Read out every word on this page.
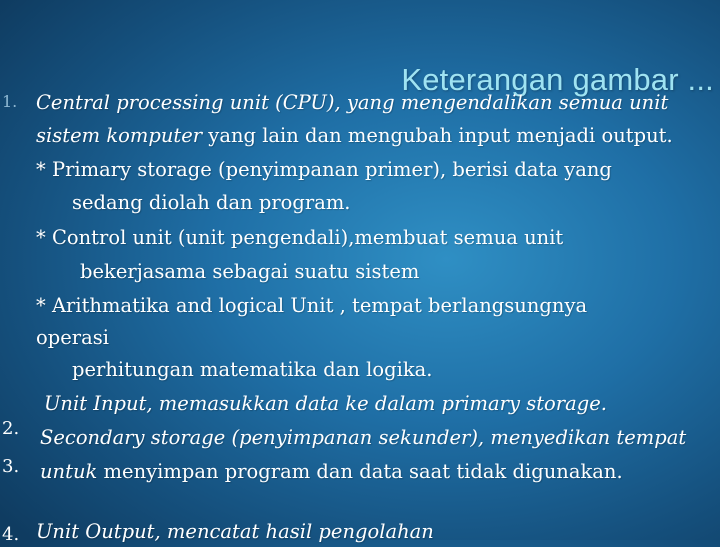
Keterangan gambar ...
1.
2.
3.
4.
Central processing unit (CPU), yang mengendalikan semua unit
sistem komputer yang lain dan mengubah input menjadi output.
* Primary storage (penyimpanan primer), berisi data yang
sedang diolah dan program.
* Control unit (unit pengendali),membuat semua unit
bekerjasama sebagai suatu sistem
* Arithmatika and logical Unit , tempat berlangsungnya
operasi
perhitungan matematika dan logika.
Unit Input, memasukkan data ke dalam primary storage.
Secondary storage (penyimpanan sekunder), menyedikan tempat
untuk menyimpan program dan data saat tidak digunakan.
Unit Output, mencatat hasil pengolahan
